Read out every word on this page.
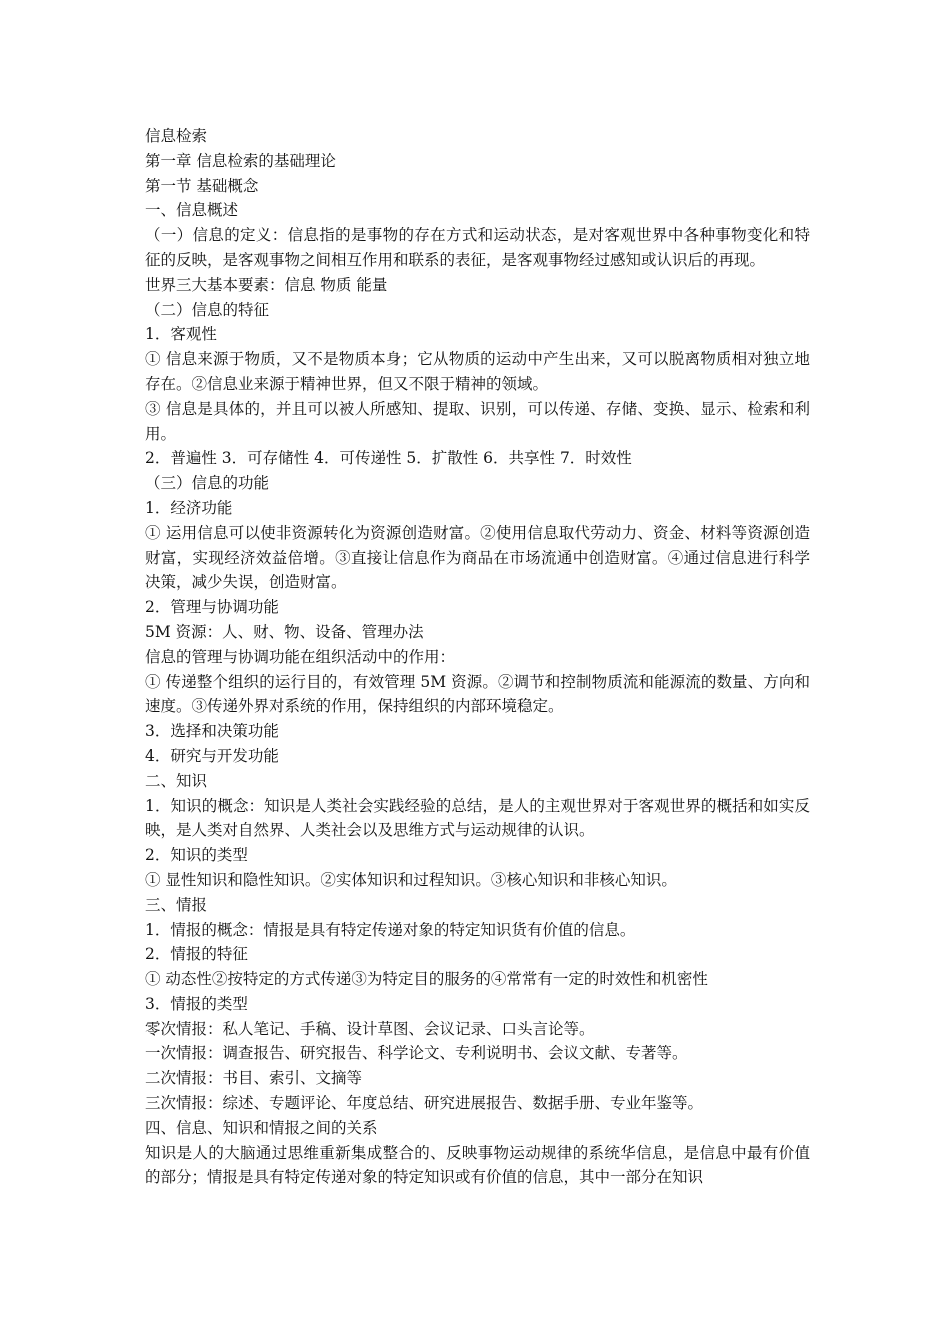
信息检索

第一章 信息检索的基础理论

第一节 基础概念

一、信息概述

（一）信息的定义：信息指的是事物的存在方式和运动状态，是对客观世界中各种事物变化和特征的反映，是客观事物之间相互作用和联系的表征，是客观事物经过感知或认识后的再现。

世界三大基本要素：信息 物质 能量

（二）信息的特征

1．客观性

① 信息来源于物质，又不是物质本身；它从物质的运动中产生出来，又可以脱离物质相对独立地存在。②信息业来源于精神世界，但又不限于精神的领域。

③ 信息是具体的，并且可以被人所感知、提取、识别，可以传递、存储、变换、显示、检索和利用。

2．普遍性 3．可存储性 4．可传递性 5．扩散性 6．共享性 7．时效性

（三）信息的功能

1．经济功能

① 运用信息可以使非资源转化为资源创造财富。②使用信息取代劳动力、资金、材料等资源创造财富，实现经济效益倍增。③直接让信息作为商品在市场流通中创造财富。④通过信息进行科学决策，减少失误，创造财富。

2．管理与协调功能

5M 资源：人、财、物、设备、管理办法

信息的管理与协调功能在组织活动中的作用：

① 传递整个组织的运行目的，有效管理 5M 资源。②调节和控制物质流和能源流的数量、方向和速度。③传递外界对系统的作用，保持组织的内部环境稳定。

3．选择和决策功能

4．研究与开发功能

二、知识

1．知识的概念：知识是人类社会实践经验的总结，是人的主观世界对于客观世界的概括和如实反映，是人类对自然界、人类社会以及思维方式与运动规律的认识。

2．知识的类型

① 显性知识和隐性知识。②实体知识和过程知识。③核心知识和非核心知识。

三、情报

1．情报的概念：情报是具有特定传递对象的特定知识货有价值的信息。

2．情报的特征

① 动态性②按特定的方式传递③为特定目的服务的④常常有一定的时效性和机密性

3．情报的类型

零次情报：私人笔记、手稿、设计草图、会议记录、口头言论等。

一次情报：调查报告、研究报告、科学论文、专利说明书、会议文献、专著等。

二次情报：书目、索引、文摘等

三次情报：综述、专题评论、年度总结、研究进展报告、数据手册、专业年鉴等。

四、信息、知识和情报之间的关系

知识是人的大脑通过思维重新集成整合的、反映事物运动规律的系统华信息，是信息中最有价值的部分；情报是具有特定传递对象的特定知识或有价值的信息，其中一部分在知识
